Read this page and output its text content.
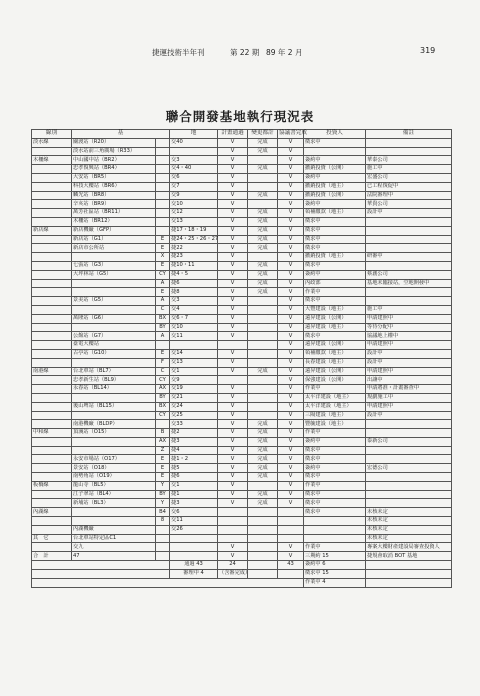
捷運技術半年刊	第 22 期 89 年 2 月	319
聯合開發基地執行現況表
線別	基		地	計畫通過	變更都計	協議書完成	投資人	備註
淡水線	關渡站（R20）		交40	V	完成	V	徵求中	
	淡水站前三角廣場（R33）			V	完成	V		
木柵線	中山國中站（BR2）		交3	V		V	簽約中	華泰公司
	忠孝復興站（BR4）		交4・40	V	完成	V	撤銷投資（公開）	施工中
	大安站（BR5）		交6	V		V	簽約中	宏盛公司
	科技大樓站（BR6）		交7	V		V	撤銷投資（地主）	已工程復促中
	麟光站（BR8）		交9	V	完成	V	撤銷投資（公開）	法院審理中
	辛亥站（BR9）		交10	V		V	簽約中	華貴公司
	萬芳社區站（BR11）		交12	V	完成	V	領補繳款（地主）	設計中
	木柵站（BR12）		交13	V	完成	V	徵求中	
新店線	新店機廠（GFP）		捷17・18・19	V	完成	V	徵求中	
	新店站（G1）	E	捷24・25・26・27	V	完成	V	徵求中	
	新店市公所站	E	捷22	V	完成	V	徵求中	
		X	捷23	V		V	撤銷投資（地主）	研審中
	七張站（G3）	E	捷10・11	V	完成	V	徵求中	
	大坪林站（G5）	CY	捷4・5	V	完成	V	簽約中	蔡創公司
		A	捷6	V	完成	V	內政部	基地未臨接站，空地開發中
		E	捷8	V	完成	V	作業中	
	景美站（G5）	A	交3	V		V	徵求中	
		C	交4	V		V	大豐建設（地主）	施工中
	萬隆站（G6）	BX	交6・7	V		V	遠昇建設（公開）	申請建照中
		BY	交10	V		V	遠昇建設（地主）	等待分配中
	公館站（G7）	A	交11	V		V	徵求中	協議地上權中
	臺電大樓站					V	遠昇建設（公開）	申請建照中
	古亭站（G10）	E	交14	V		V	領補繳款（地主）	設計中
		F	交13	V		V	長春建設（地主）	設計中
南港線	台北車站（BL7）	C	交1	V	完成	V	遠昇建設（公開）	申請建照中
	忠孝新生站（BL9）	CY	交9			V	保強建設（公開）	出讓中
	永春站（BL14）	AX	交19	V		V	作業中	申請將准・計畫審查中
		BY	交21	V		V	太平洋建設（地主）	規劃施工中
	後山埤站（BL15）	BX	交24	V		V	太平洋建設（地主）	申請建照中
		CY	交25	V		V	三陽建設（地主）	設計中
	南港機廠（BLDP）		交33	V	完成	V	豐毓建設（地主）	
中和線	頂溪站（O15）	B	捷2	V	完成	V	作業中	
		AX	捷3	V	完成	V	簽約中	泰新公司
		Z	捷4	V	完成	V	徵求中	
	永安市場站（O17）	E	捷1・2	V	完成	V	徵求中	
	景安站（O18）	E	捷5	V	完成	V	簽約中	宏德公司
	南勢角站（O19）	E	捷6	V	完成	V	徵求中	
板橋線	龍山寺（BL5）	Y	交1	V		V	作業中	
	江子翠站（BL4）	BY	捷1	V	完成	V	徵求中	
	新埔站（BL3）	Y	捷3	V	完成	V	徵求中	
內湖線		B4	交6				徵求中	未核未定
		8	交11					未核未定
	內湖機廠		交26					未核未定
其　它	台北車站特定區C1							未核未定
	交九			V		V	作業中	專案大樓財產建設局審查投資人
合　計	47			V		V	三期約 15	捷規會取消 BOT 基地
			通過 43	24		43	簽約中 6	
			審理中 4	（含審完成）			徵求中 15	
							作業中 4	
